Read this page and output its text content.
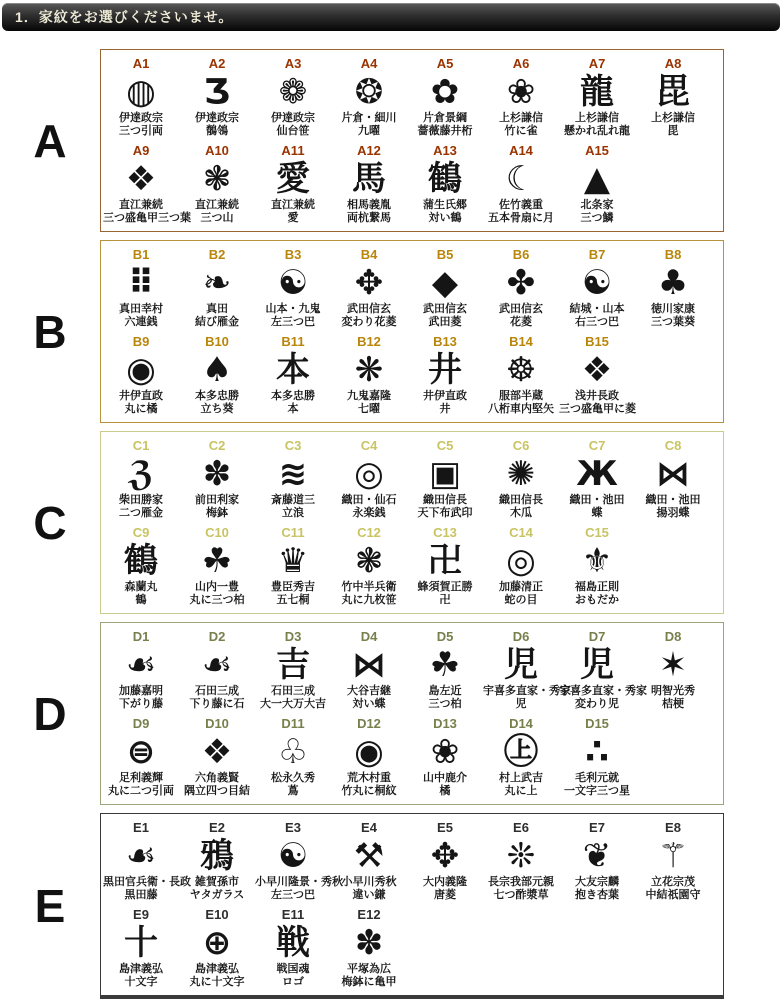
1．家紋をお選びくださいませ。
A
A1
◍
伊達政宗
三つ引両
A2
Ʒ
伊達政宗
鶺鴒
A3
❁
伊達政宗
仙台笹
A4
❂
片倉・細川
九曜
A5
✿
片倉景綱
薔薇藤井桁
A6
❀
上杉謙信
竹に雀
A7
龍
上杉謙信
懸かれ乱れ龍
A8
毘
上杉謙信
毘
A9
❖
直江兼続
三つ盛亀甲三つ葉
A10
❃
直江兼続
三つ山
A11
愛
直江兼続
愛
A12
馬
相馬義胤
両杭繋馬
A13
鶴
蒲生氏郷
対い鶴
A14
☾
佐竹義重
五本骨扇に月
A15
▲
北条家
三つ鱗
B
B1
⠿
真田幸村
六連銭
B2
❧
真田
結び雁金
B3
☯
山本・九鬼
左三つ巴
B4
✥
武田信玄
変わり花菱
B5
◆
武田信玄
武田菱
B6
✤
武田信玄
花菱
B7
☯
結城・山本
右三つ巴
B8
♣
徳川家康
三つ葉葵
B9
◉
井伊直政
丸に橘
B10
♠
本多忠勝
立ち葵
B11
本
本多忠勝
本
B12
❋
九鬼嘉隆
七曜
B13
井
井伊直政
井
B14
☸
服部半蔵
八桁車内堅矢
B15
❖
浅井長政
三つ盛亀甲に菱
C
C1
ℨ
柴田勝家
二つ雁金
C2
✽
前田利家
梅鉢
C3
≋
斎藤道三
立浪
C4
◎
織田・仙石
永楽銭
C5
▣
織田信長
天下布武印
C6
✺
織田信長
木瓜
C7
Ж
織田・池田
蝶
C8
⋈
織田・池田
揚羽蝶
C9
鶴
森蘭丸
鶴
C10
☘
山内一豊
丸に三つ柏
C11
♛
豊臣秀吉
五七桐
C12
❃
竹中半兵衛
丸に九枚笹
C13
卍
蜂須賀正勝
卍
C14
◎
加藤清正
蛇の目
C15
⚜
福島正則
おもだか
D
D1
☙
加藤嘉明
下がり藤
D2
☙
石田三成
下り藤に石
D3
吉
石田三成
大一大万大吉
D4
⋈
大谷吉継
対い蝶
D5
☘
島左近
三つ柏
D6
児
宇喜多直家・秀家
児
D7
児
宇喜多直家・秀家
変わり児
D8
✶
明智光秀
桔梗
D9
⊜
足利義輝
丸に二つ引両
D10
❖
六角義賢
隅立四つ目結
D11
♧
松永久秀
蔦
D12
◉
荒木村重
竹丸に桐紋
D13
❀
山中鹿介
橘
D14
㊤
村上武吉
丸に上
D15
∴
毛利元就
一文字三つ星
E
E1
☙
黒田官兵衛・長政
黒田藤
E2
鴉
雑賀孫市
ヤタガラス
E3
☯
小早川隆景・秀秋
左三つ巴
E4
⚒
小早川秀秋
違い鎌
E5
✥
大内義隆
唐菱
E6
❊
長宗我部元親
七つ酢漿草
E7
❦
大友宗麟
抱き杏葉
E8
⚚
立花宗茂
中結祇園守
E9
十
島津義弘
十文字
E10
⊕
島津義弘
丸に十文字
E11
戦
戦国魂
ロゴ
E12
✽
平塚為広
梅鉢に亀甲
